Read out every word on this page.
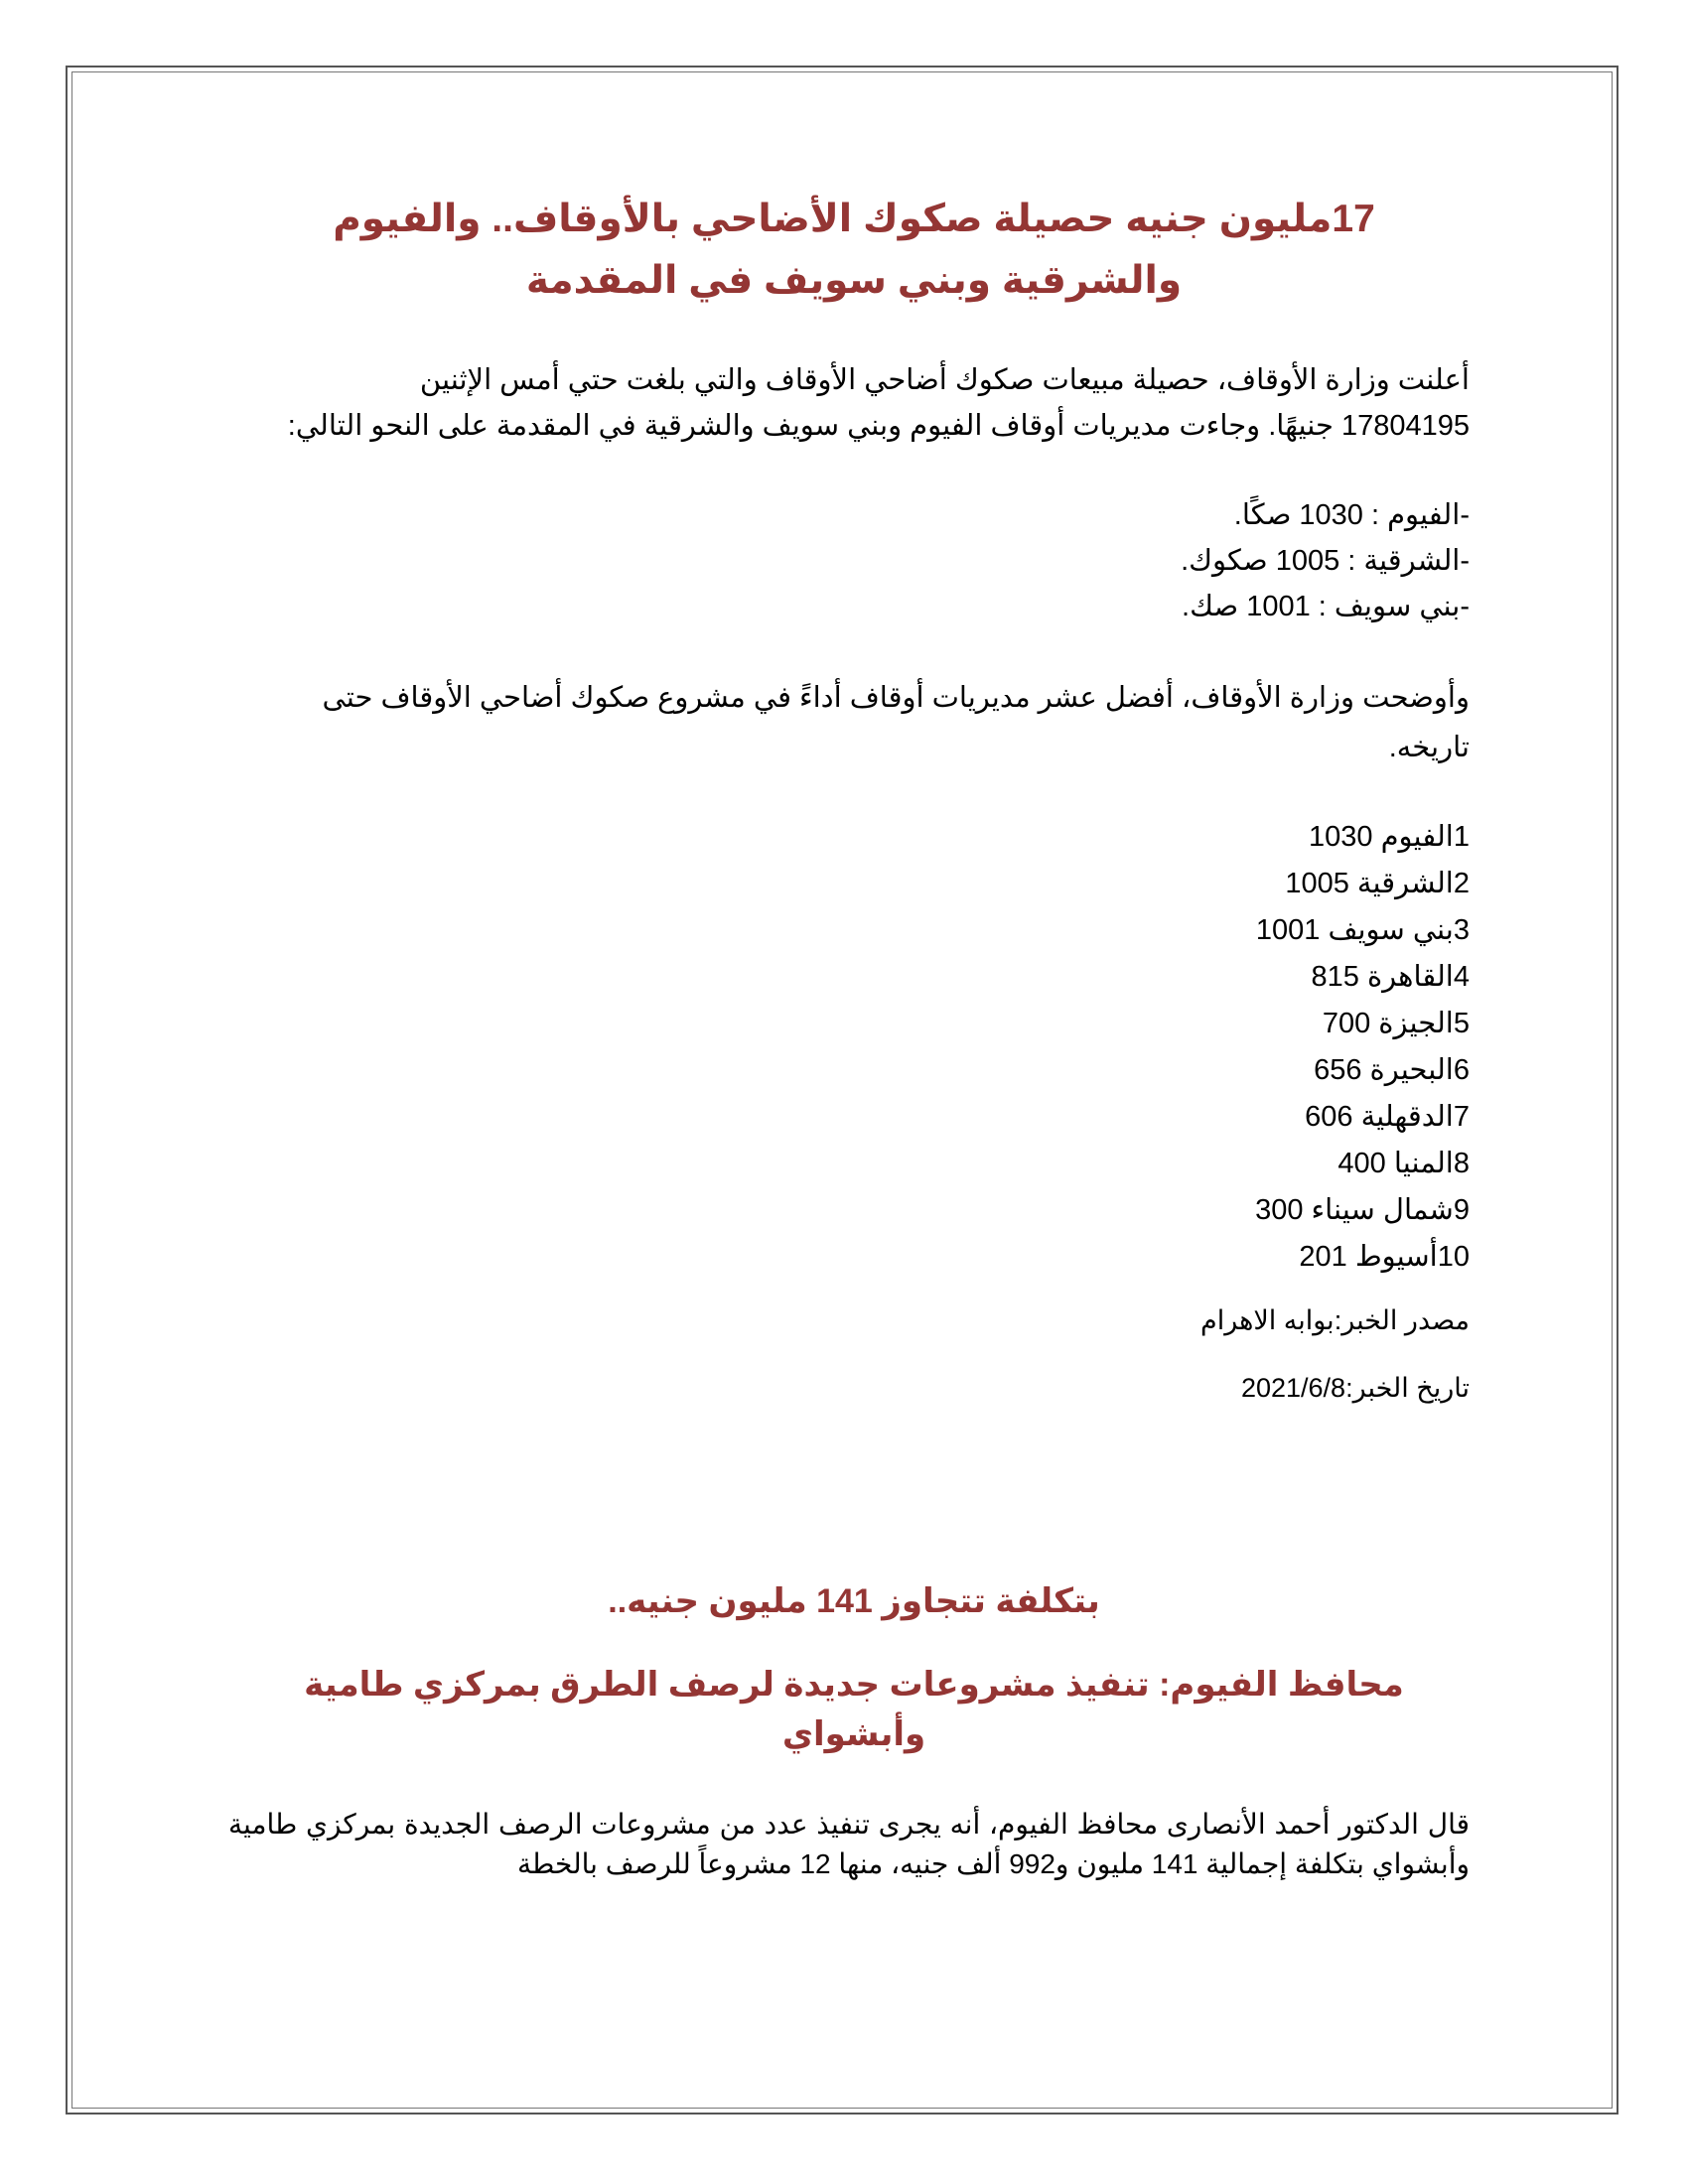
17مليون جنيه حصيلة صكوك الأضاحي بالأوقاف.. والفيوم والشرقية وبني سويف في المقدمة

أعلنت وزارة الأوقاف، حصيلة مبيعات صكوك أضاحي الأوقاف والتي بلغت حتي أمس الإثنين
17804195 جنيهًا. وجاءت مديريات أوقاف الفيوم وبني سويف والشرقية في المقدمة على النحو التالي:

-الفيوم : 1030 صكًا.
-الشرقية : 1005 صكوك.
-بني سويف : 1001 صك.

وأوضحت وزارة الأوقاف، أفضل عشر مديريات أوقاف أداءً في مشروع صكوك أضاحي الأوقاف حتى
تاريخه.

1الفيوم 1030
2الشرقية 1005
3بني سويف 1001
4القاهرة 815
5الجيزة 700
6البحيرة 656
7الدقهلية 606
8المنيا 400
9شمال سيناء 300
10أسيوط 201

مصدر الخبر:بوابه الاهرام

تاريخ الخبر:2021/6/8

بتكلفة تتجاوز 141 مليون جنيه..
محافظ الفيوم: تنفيذ مشروعات جديدة لرصف الطرق بمركزي طامية وأبشواي

قال الدكتور أحمد الأنصارى محافظ الفيوم، أنه يجرى تنفيذ عدد من مشروعات الرصف الجديدة بمركزي طامية وأبشواي بتكلفة إجمالية 141 مليون و992 ألف جنيه، منها 12 مشروعاً للرصف بالخطة
